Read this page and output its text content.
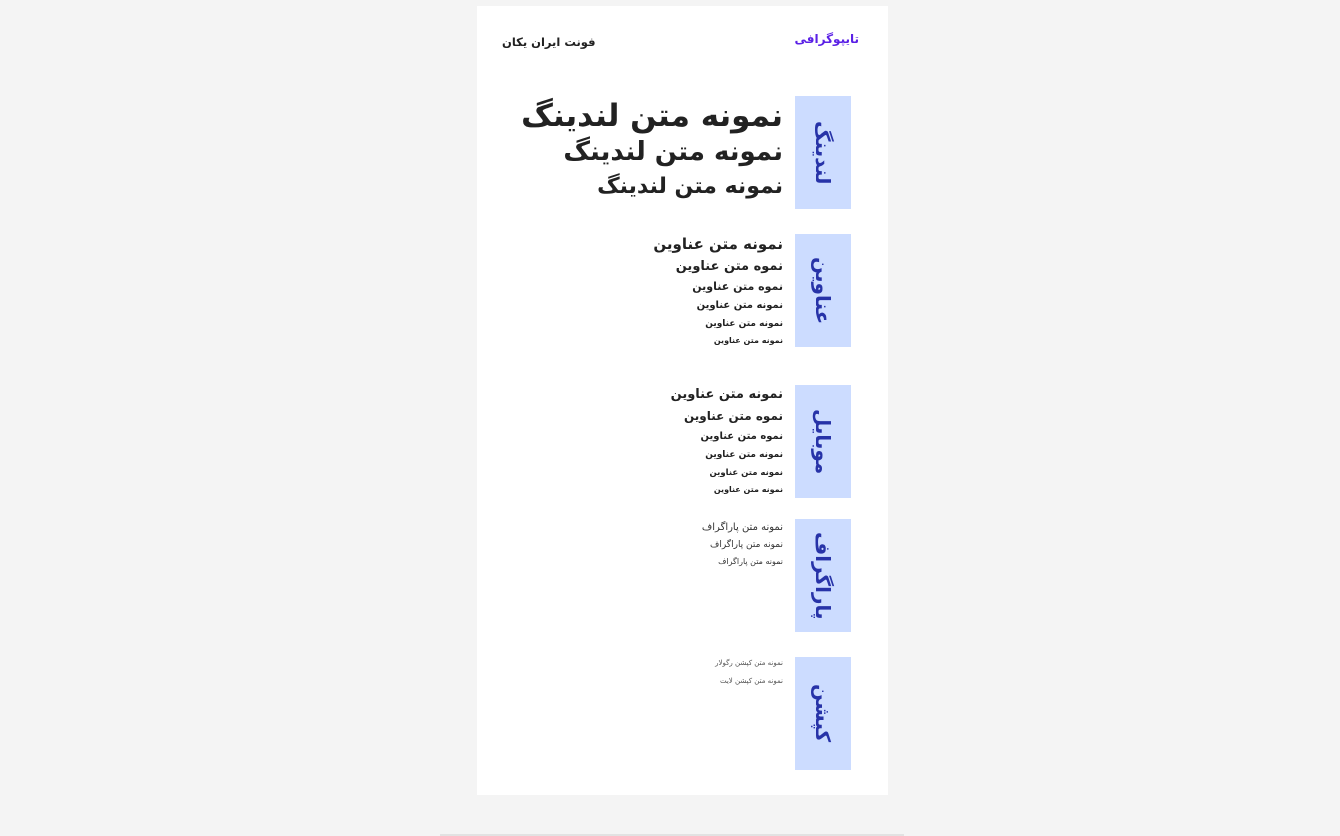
تایپوگرافی
فونت ایران یکان
لندینگ
نمونه متن لندینگ
نمونه متن لندینگ
نمونه متن لندینگ
عناوین
نمونه متن عناوین
نموه متن عناوین
نموه متن عناوین
نمونه متن عناوین
نمونه متن عناوین
نمونه متن عناوین
موبایل
نمونه متن عناوین
نموه متن عناوین
نموه متن عناوین
نمونه متن عناوین
نمونه متن عناوین
نمونه متن عناوین
پاراگراف
نمونه متن پاراگراف
نمونه متن پاراگراف
نمونه متن پاراگراف
کپشن
نمونه متن کپشن رگولار
نمونه متن کپشن لایت
